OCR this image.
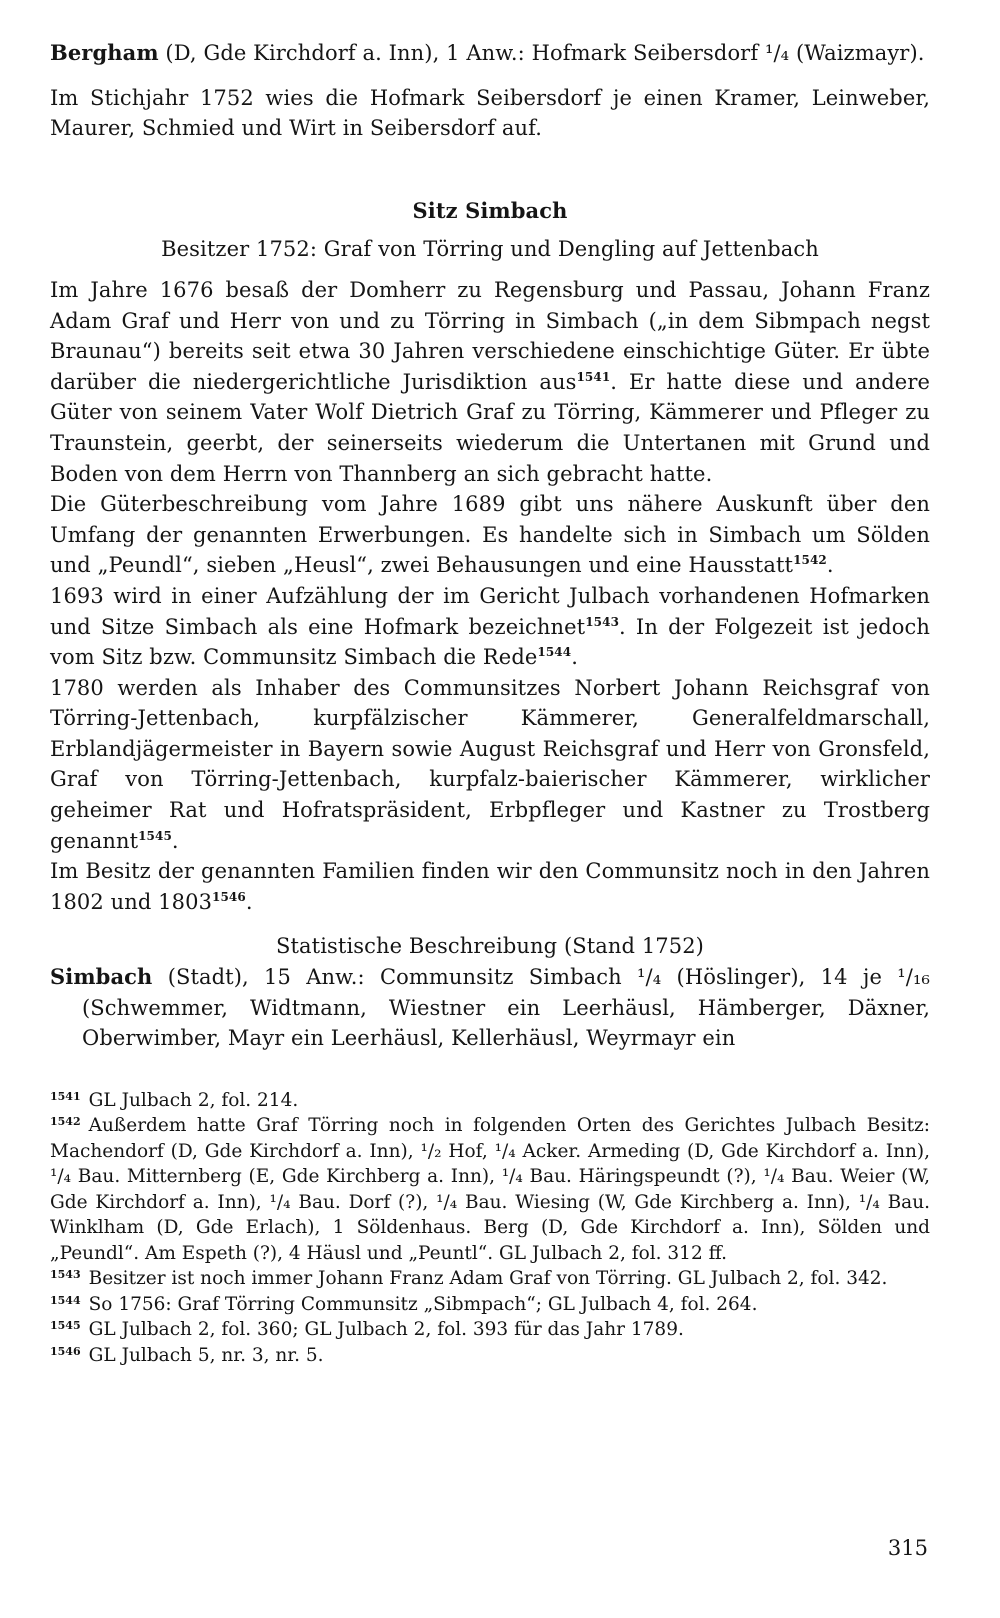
Bergham (D, Gde Kirchdorf a. Inn), 1 Anw.: Hofmark Seibersdorf ¹/₄ (Waizmayr).

Im Stichjahr 1752 wies die Hofmark Seibersdorf je einen Kramer, Leinweber, Maurer, Schmied und Wirt in Seibersdorf auf.

Sitz Simbach

Besitzer 1752: Graf von Törring und Dengling auf Jettenbach

Im Jahre 1676 besaß der Domherr zu Regensburg und Passau, Johann Franz Adam Graf und Herr von und zu Törring in Simbach („in dem Sibmpach negst Braunau“) bereits seit etwa 30 Jahren verschiedene einschichtige Güter. Er übte darüber die niedergerichtliche Jurisdiktion aus$^{1541}$. Er hatte diese und andere Güter von seinem Vater Wolf Dietrich Graf zu Törring, Kämmerer und Pfleger zu Traunstein, geerbt, der seinerseits wiederum die Untertanen mit Grund und Boden von dem Herrn von Thannberg an sich gebracht hatte.

Die Güterbeschreibung vom Jahre 1689 gibt uns nähere Auskunft über den Umfang der genannten Erwerbungen. Es handelte sich in Simbach um Sölden und „Peundl“, sieben „Heusl“, zwei Behausungen und eine Hausstatt$^{1542}$.

1693 wird in einer Aufzählung der im Gericht Julbach vorhandenen Hofmarken und Sitze Simbach als eine Hofmark bezeichnet$^{1543}$. In der Folgezeit ist jedoch vom Sitz bzw. Communsitz Simbach die Rede$^{1544}$.

1780 werden als Inhaber des Communsitzes Norbert Johann Reichsgraf von Törring-Jettenbach, kurpfälzischer Kämmerer, Generalfeldmarschall, Erblandjägermeister in Bayern sowie August Reichsgraf und Herr von Gronsfeld, Graf von Törring-Jettenbach, kurpfalz-baierischer Kämmerer, wirklicher geheimer Rat und Hofratspräsident, Erbpfleger und Kastner zu Trostberg genannt$^{1545}$.

Im Besitz der genannten Familien finden wir den Communsitz noch in den Jahren 1802 und $1803^{1546}$.

Statistische Beschreibung (Stand 1752)

Simbach (Stadt), 15 Anw.: Communsitz Simbach ¹/₄ (Höslinger), 14 je ¹/₁₆ (Schwemmer, Widtmann, Wiestner ein Leerhäusl, Hämberger, Däxner, Oberwimber, Mayr ein Leerhäusl, Kellerhäusl, Weyrmayr ein

$^{1541}$ GL Julbach 2, fol. 214.

$^{1542}$ Außerdem hatte Graf Törring noch in folgenden Orten des Gerichtes Julbach Besitz: Machendorf (D, Gde Kirchdorf a. Inn), ¹/₂ Hof, ¹/₄ Acker. Armeding (D, Gde Kirchdorf a. Inn), ¹/₄ Bau. Mitternberg (E, Gde Kirchberg a. Inn), ¹/₄ Bau. Häringspeundt (?), ¹/₄ Bau. Weier (W, Gde Kirchdorf a. Inn), ¹/₄ Bau. Dorf (?), ¹/₄ Bau. Wiesing (W, Gde Kirchberg a. Inn), ¹/₄ Bau. Winklham (D, Gde Erlach), 1 Söldenhaus. Berg (D, Gde Kirchdorf a. Inn), Sölden und „Peundl“. Am Espeth (?), 4 Häusl und „Peuntl“. GL Julbach 2, fol. 312 ff.

$^{1543}$ Besitzer ist noch immer Johann Franz Adam Graf von Törring. GL Julbach 2, fol. 342.

$^{1544}$ So 1756: Graf Törring Communsitz „Sibmpach“; GL Julbach 4, fol. 264.

$^{1545}$ GL Julbach 2, fol. 360; GL Julbach 2, fol. 393 für das Jahr 1789.

$^{1546}$ GL Julbach 5, nr. 3, nr. 5.

315
